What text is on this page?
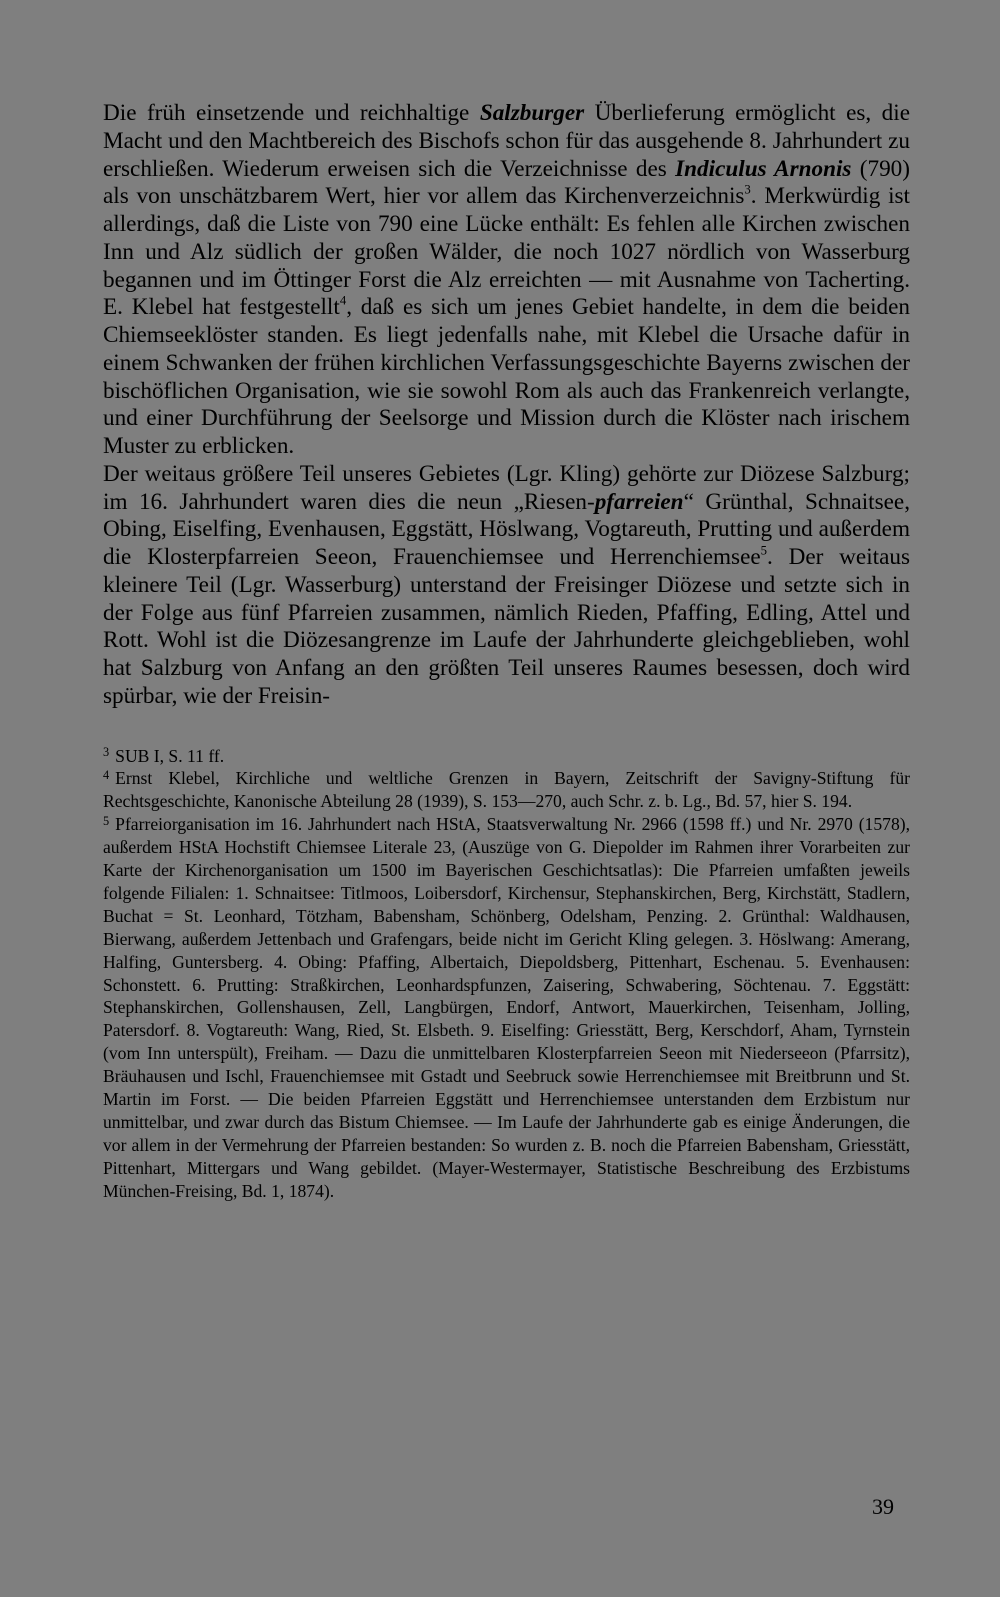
Die früh einsetzende und reichhaltige Salzburger Überlieferung ermöglicht es, die Macht und den Machtbereich des Bischofs schon für das ausgehende 8. Jahrhundert zu erschließen. Wiederum erweisen sich die Verzeichnisse des Indiculus Arnonis (790) als von unschätzbarem Wert, hier vor allem das Kirchenverzeichnis$^3$. Merkwürdig ist allerdings, daß die Liste von 790 eine Lücke enthält: Es fehlen alle Kirchen zwischen Inn und Alz südlich der großen Wälder, die noch 1027 nördlich von Wasserburg begannen und im Öttinger Forst die Alz erreichten — mit Ausnahme von Tacherting. E. Klebel hat festgestellt$^4$, daß es sich um jenes Gebiet handelte, in dem die beiden Chiemseeklöster standen. Es liegt jedenfalls nahe, mit Klebel die Ursache dafür in einem Schwanken der frühen kirchlichen Verfassungsgeschichte Bayerns zwischen der bischöflichen Organisation, wie sie sowohl Rom als auch das Frankenreich verlangte, und einer Durchführung der Seelsorge und Mission durch die Klöster nach irischem Muster zu erblicken.

Der weitaus größere Teil unseres Gebietes (Lgr. Kling) gehörte zur Diözese Salzburg; im 16. Jahrhundert waren dies die neun „Riesen-pfarreien“ Grünthal, Schnaitsee, Obing, Eiselfing, Evenhausen, Eggstätt, Höslwang, Vogtareuth, Prutting und außerdem die Klosterpfarreien Seeon, Frauenchiemsee und Herrenchiemsee$^5$. Der weitaus kleinere Teil (Lgr. Wasserburg) unterstand der Freisinger Diözese und setzte sich in der Folge aus fünf Pfarreien zusammen, nämlich Rieden, Pfaffing, Edling, Attel und Rott. Wohl ist die Diözesangrenze im Laufe der Jahrhunderte gleichgeblieben, wohl hat Salzburg von Anfang an den größten Teil unseres Raumes besessen, doch wird spürbar, wie der Freisin-

$^3$ SUB I, S. 11 ff.

$^4$ Ernst Klebel, Kirchliche und weltliche Grenzen in Bayern, Zeitschrift der Savigny-Stiftung für Rechtsgeschichte, Kanonische Abteilung 28 (1939), S. 153—270, auch Schr. z. b. Lg., Bd. 57, hier S. 194.

$^5$ Pfarreiorganisation im 16. Jahrhundert nach HStA, Staatsverwaltung Nr. 2966 (1598 ff.) und Nr. 2970 (1578), außerdem HStA Hochstift Chiemsee Literale 23, (Auszüge von G. Diepolder im Rahmen ihrer Vorarbeiten zur Karte der Kirchenorganisation um 1500 im Bayerischen Geschichtsatlas): Die Pfarreien umfaßten jeweils folgende Filialen: 1. Schnaitsee: Titlmoos, Loibersdorf, Kirchensur, Stephanskirchen, Berg, Kirchstätt, Stadlern, Buchat = St. Leonhard, Tötzham, Babensham, Schönberg, Odelsham, Penzing. 2. Grünthal: Waldhausen, Bierwang, außerdem Jettenbach und Grafengars, beide nicht im Gericht Kling gelegen. 3. Höslwang: Amerang, Halfing, Guntersberg. 4. Obing: Pfaffing, Albertaich, Diepoldsberg, Pittenhart, Eschenau. 5. Evenhausen: Schonstett. 6. Prutting: Straßkirchen, Leonhardspfunzen, Zaisering, Schwabering, Söchtenau. 7. Eggstätt: Stephanskirchen, Gollenshausen, Zell, Langbürgen, Endorf, Antwort, Mauerkirchen, Teisenham, Jolling, Patersdorf. 8. Vogtareuth: Wang, Ried, St. Elsbeth. 9. Eiselfing: Griesstätt, Berg, Kerschdorf, Aham, Tyrnstein (vom Inn unterspült), Freiham. — Dazu die unmittelbaren Klosterpfarreien Seeon mit Niederseeon (Pfarrsitz), Bräuhausen und Ischl, Frauenchiemsee mit Gstadt und Seebruck sowie Herrenchiemsee mit Breitbrunn und St. Martin im Forst. — Die beiden Pfarreien Eggstätt und Herrenchiemsee unterstanden dem Erzbistum nur unmittelbar, und zwar durch das Bistum Chiemsee. — Im Laufe der Jahrhunderte gab es einige Änderungen, die vor allem in der Vermehrung der Pfarreien bestanden: So wurden z. B. noch die Pfarreien Babensham, Griesstätt, Pittenhart, Mittergars und Wang gebildet. (Mayer-Westermayer, Statistische Beschreibung des Erzbistums München-Freising, Bd. 1, 1874).

39
